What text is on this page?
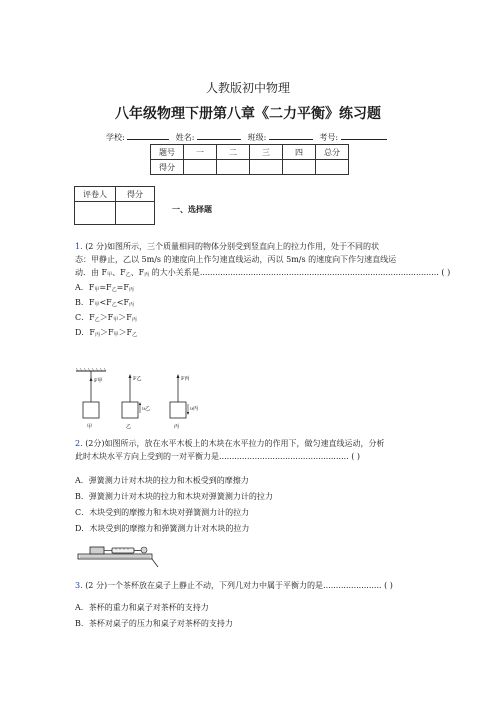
人教版初中物理
八年级物理下册第八章《二力平衡》练习题
学校:	姓名:	班级:	考号:
题号	一	二	三	四	总分
得分					
评卷人	得分

一、选择题
1. (2 分)如图所示，三个质量相同的物体分别受到竖直向上的拉力作用，处于不同的状
态：甲静止，乙以 5m/s 的速度向上作匀速直线运动，丙以 5m/s 的速度向下作匀速直线运
动．由 $F_甲$、$F_乙$、$F_丙$ 的大小关系是.............................................................................................. ( )
A．$F_甲=F_乙=F_丙$
B．$F_甲<F_乙<F_丙$
C．$F_乙>F_甲>F_丙$
D．$F_丙>F_甲>F_乙$
F甲
甲
F乙
υ乙
乙
F丙
υ丙
丙
2. (2分)如图所示，放在水平木板上的木块在水平拉力的作用下，做匀速直线运动，分析
此时木块水平方向上受到的一对平衡力是................................................... ( )
A．弹簧测力计对木块的拉力和木板受到的摩擦力
B．弹簧测力计对木块的拉力和木块对弹簧测力计的拉力
C．木块受到的摩擦力和木块对弹簧测力计的拉力
D．木块受到的摩擦力和弹簧测力计对木块的拉力
3. (2 分)一个茶杯放在桌子上静止不动，下列几对力中属于平衡力的是....................... ( )
A．茶杯的重力和桌子对茶杯的支持力
B．茶杯对桌子的压力和桌子对茶杯的支持力
